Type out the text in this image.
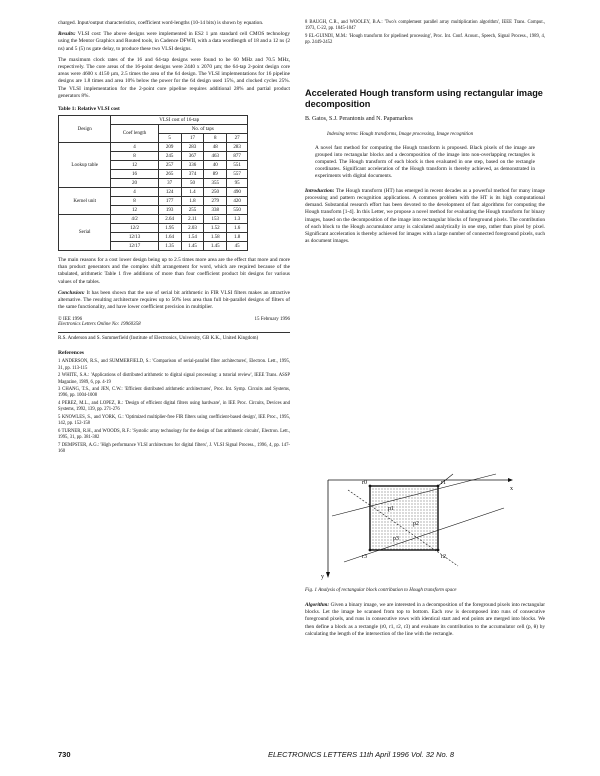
charged. Input/output characteristics, coefficient word-lengths (10-14 bits) is shown by equation.

Results: VLSI cost: The above designs were implemented in ES2 1 µm standard cell CMOS technology using the Mentor Graphics and Routed tools, in Cadence DFWII, with a data wordlength of 18 and a 12 ns (2 ns) and 5 (5) ns gate delay, to produce these two VLSI designs.

The maximum clock rates of the 16 and 64-tap designs were found to be 60 MHz and 70.5 MHz, respectively. The core areas of the 16-point designs were 2440 x 2070 µm; the 64-tap 2-point design core areas were 4600 x 4150 µm, 2.5 times the area of the 64 design. The VLSI implementations for 16 pipeline designs are 1.8 times and area 10% below the power for the 64 design used 15%, and clocked cycles 25%. The VLSI implementation for the 2-point core pipeline requires additional 28% and partial product generators 8%.

Table 1: Relative VLSI cost
Design	VLSI cost of 16-tap				
	Coef length	No. of taps			
		5	17	8	27
Lookup table	4	209	283	48	283
	8	245	367	463	877
	12	257	336	40	551
	16	265	374	89	557
	20	37	50	355	95
Kernel unit	4	124	1.4	250	490
	8	177	1.8	279	420
	12	193	255	338	550
Serial	4/2	2.64	2.11	153	1.3
	12/2	1.95	2.03	1.52	1.6
	12/13	1.64	1.54	1.58	1.8
	12/17	1.35	1.45	1.45	45

The main reasons for a cost lower design being up to 2.5 times more area are the effect that more and more than product generators and the complex shift arrangement for word, which are required because of the tabulated, arithmetic Table 1 five additions of more than four coefficient product bit designs for various values of the tables.

Conclusion: It has been shown that the use of serial bit arithmetic in FIR VLSI filters makes an attractive alternative. The resulting architecture requires up to 50% less area than full bit-parallel designs of filters of the same functionality, and have lower coefficient precision in multiplier.

© IEE 1996	15 February 1996

Electronics Letters Online No: 19960358

R.S. Anderson and S. Summerfield (Institute of Electronics, University, GB K.K., United Kingdom)

References

1 ANDERSON, R.S., and SUMMERFIELD, S.: 'Comparison of serial-parallel filter architectures', Electron. Lett., 1995, 31, pp. 113-115

2 WHITE, S.A.: 'Applications of distributed arithmetic to digital signal processing: a tutorial review', IEEE Trans. ASSP Magazine, 1989, 6, pp. 4-19

3 CHANG, T.S., and JEN, C.W.: 'Efficient distributed arithmetic architectures', Proc. Int. Symp. Circuits and Systems, 1996, pp. 1004-1008

4 PEREZ, M.L., and LOPEZ, R.: 'Design of efficient digital filters using hardware', in IEE Proc. Circuits, Devices and Systems, 1992, 139, pp. 271-276

5 KNOWLES, S., and YORK, G.: 'Optimized multiplier-free FIR filters using coefficient-based design', IEE Proc., 1995, 142, pp. 152-158

6 TURNER, R.H., and WOODS, R.F.: 'Systolic array technology for the design of fast arithmetic circuits', Electron. Lett., 1995, 31, pp. 381-382

7 DEMPSTER, A.G.: 'High performance VLSI architectures for digital filters', J. VLSI Signal Process., 1996, 4, pp. 147-160

8 BAUGH, C.R., and WOOLEY, B.A.: 'Two's complement parallel array multiplication algorithm', IEEE Trans. Comput., 1973, C-22, pp. 1045-1047

9 EL-GUINDI, M.M.: 'Hough transform for pipelined processing', Proc. Int. Conf. Acoust., Speech, Signal Process., 1989, 4, pp. 2449-2452

Accelerated Hough transform using rectangular image decomposition
B. Gatos, S.J. Perantonis and N. Papamarkos
Indexing terms: Hough transforms, Image processing, Image recognition
A novel fast method for computing the Hough transform is proposed. Black pixels of the image are grouped into rectangular blocks and a decomposition of the image into non-overlapping rectangles is computed. The Hough transform of each block is then evaluated in one step, based on the rectangle coordinates. Significant acceleration of the Hough transform is thereby achieved, as demonstrated in experiments with digital documents.

Introduction: The Hough transform (HT) has emerged in recent decades as a powerful method for many image processing and pattern recognition applications. A common problem with the HT is its high computational demand. Substantial research effort has been devoted to the development of fast algorithms for computing the Hough transform [1-4]. In this Letter, we propose a novel method for evaluating the Hough transform for binary images, based on the decomposition of the image into rectangular blocks of foreground pixels. The contribution of each block to the Hough accumulator array is calculated analytically in one step, rather than pixel by pixel. Significant acceleration is thereby achieved for images with a large number of connected foreground pixels, such as document images.

r0	r1
r2
r3
p1
p2
p3
y
x
Fig. 1 Analysis of rectangular block contribution to Hough transform space

Algorithm: Given a binary image, we are interested in a decomposition of the foreground pixels into rectangular blocks. Let the image be scanned from top to bottom. Each row is decomposed into runs of consecutive foreground pixels, and runs in consecutive rows with identical start and end points are merged into blocks. We then define a block as a rectangle (r0, r1, r2, r3) and evaluate its contribution to the accumulator cell (p, θ) by calculating the length of the intersection of the line with the rectangle.

730	ELECTRONICS LETTERS 11th April 1996 Vol. 32 No. 8
